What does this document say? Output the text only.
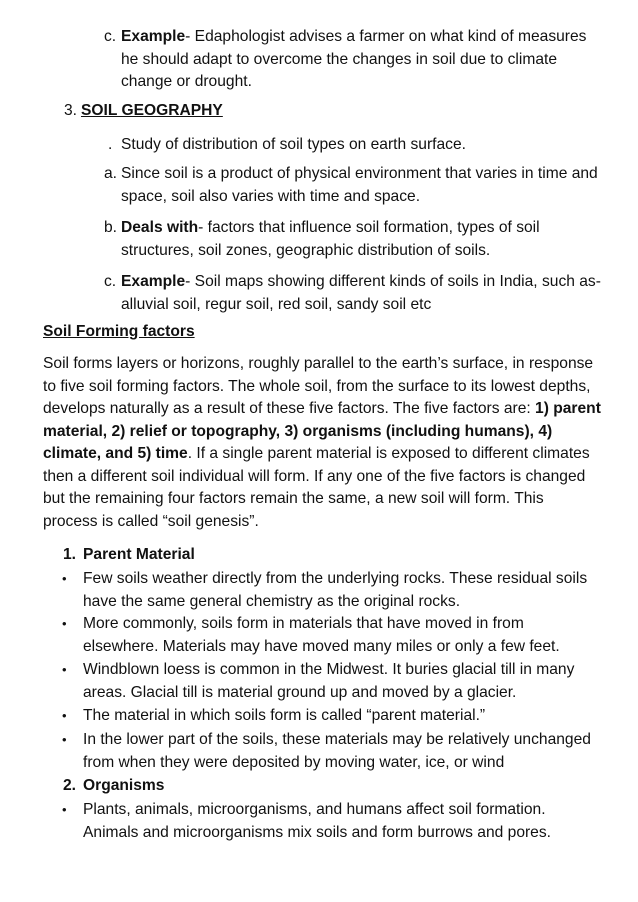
c. Example- Edaphologist advises a farmer on what kind of measures he should adapt to overcome the changes in soil due to climate change or drought.

3. SOIL GEOGRAPHY
. Study of distribution of soil types on earth surface.

a. Since soil is a product of physical environment that varies in time and space, soil also varies with time and space.

b. Deals with- factors that influence soil formation, types of soil structures, soil zones, geographic distribution of soils.

c. Example- Soil maps showing different kinds of soils in India, such as- alluvial soil, regur soil, red soil, sandy soil etc

Soil Forming factors

Soil forms layers or horizons, roughly parallel to the earth’s surface, in response to five soil forming factors. The whole soil, from the surface to its lowest depths, develops naturally as a result of these five factors. The five factors are: 1) parent material, 2) relief or topography, 3) organisms (including humans), 4) climate, and 5) time. If a single parent material is exposed to different climates then a different soil individual will form. If any one of the five factors is changed but the remaining four factors remain the same, a new soil will form. This process is called “soil genesis”.

1. Parent Material
• Few soils weather directly from the underlying rocks. These residual soils have the same general chemistry as the original rocks.

• More commonly, soils form in materials that have moved in from elsewhere. Materials may have moved many miles or only a few feet.

• Windblown loess is common in the Midwest. It buries glacial till in many areas. Glacial till is material ground up and moved by a glacier.

• The material in which soils form is called “parent material.”

• In the lower part of the soils, these materials may be relatively unchanged from when they were deposited by moving water, ice, or wind

2. Organisms
• Plants, animals, microorganisms, and humans affect soil formation. Animals and microorganisms mix soils and form burrows and pores.
